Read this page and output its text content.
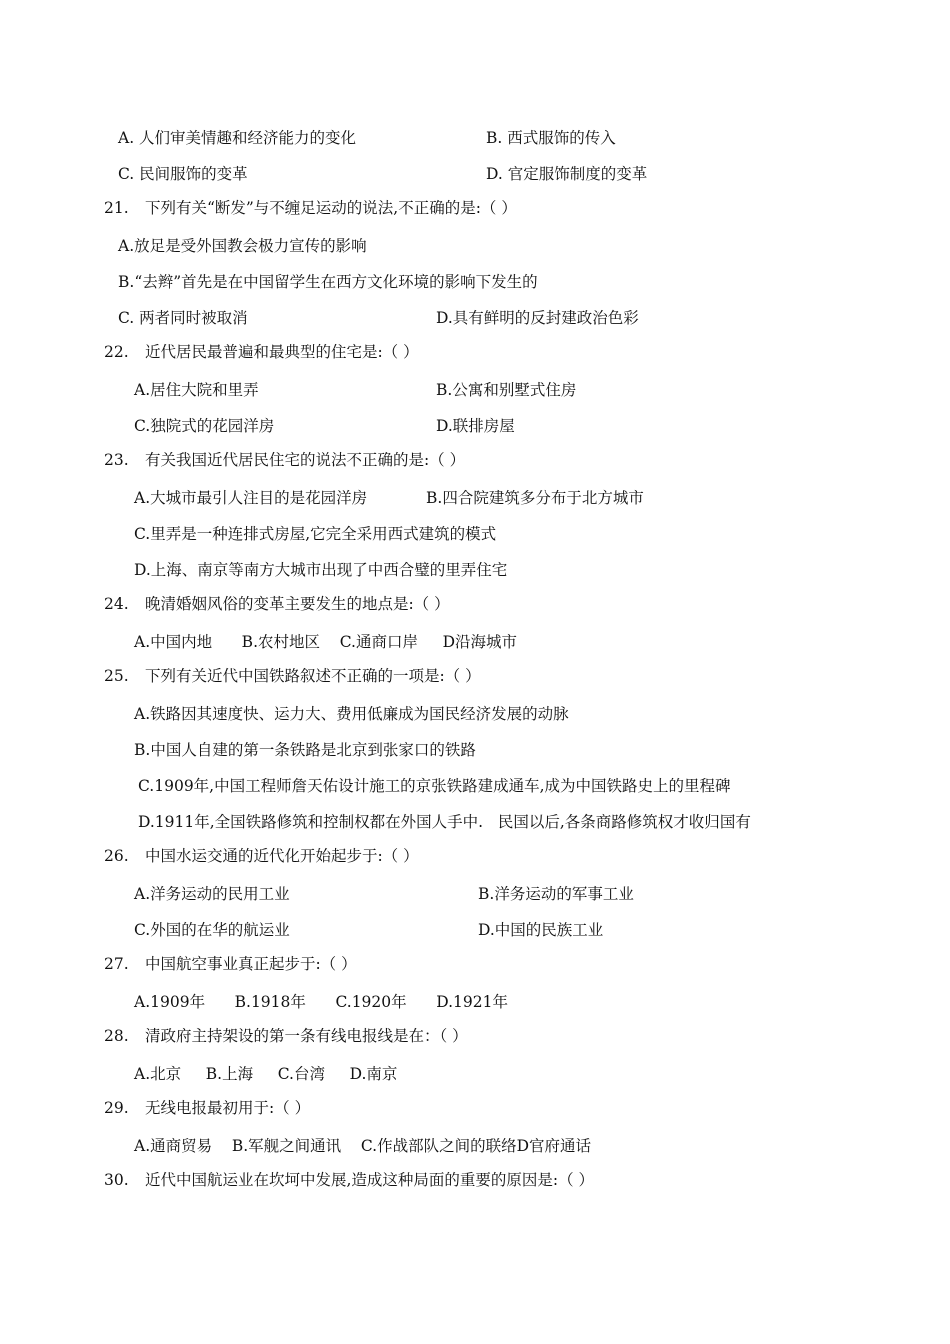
A. 人们审美情趣和经济能力的变化	B. 西式服饰的传入
C. 民间服饰的变革	D. 官定服饰制度的变革
21. 下列有关“断发”与不缠足运动的说法,不正确的是:（ ）
A.放足是受外国教会极力宣传的影响
B.“去辫”首先是在中国留学生在西方文化环境的影响下发生的
C. 两者同时被取消	D.具有鲜明的反封建政治色彩
22. 近代居民最普遍和最典型的住宅是:（ ）
A.居住大院和里弄	B.公寓和别墅式住房
C.独院式的花园洋房	D.联排房屋
23. 有关我国近代居民住宅的说法不正确的是:（ ）
A.大城市最引人注目的是花园洋房	B.四合院建筑多分布于北方城市
C.里弄是一种连排式房屋,它完全采用西式建筑的模式
D.上海、南京等南方大城市出现了中西合璧的里弄住宅
24. 晚清婚姻风俗的变革主要发生的地点是:（ ）
A.中国内地      B.农村地区    C.通商口岸     D沿海城市
25. 下列有关近代中国铁路叙述不正确的一项是:（ ）
A.铁路因其速度快、运力大、费用低廉成为国民经济发展的动脉
B.中国人自建的第一条铁路是北京到张家口的铁路
C.1909年,中国工程师詹天佑设计施工的京张铁路建成通车,成为中国铁路史上的里程碑
D.1911年,全国铁路修筑和控制权都在外国人手中.   民国以后,各条商路修筑权才收归国有
26. 中国水运交通的近代化开始起步于:（ ）
A.洋务运动的民用工业	B.洋务运动的军事工业
C.外国的在华的航运业	D.中国的民族工业
27. 中国航空事业真正起步于:（ ）
A.1909年      B.1918年      C.1920年      D.1921年
28. 清政府主持架设的第一条有线电报线是在：（ ）
A.北京     B.上海     C.台湾     D.南京
29. 无线电报最初用于:（ ）
A.通商贸易    B.军舰之间通讯    C.作战部队之间的联络D官府通话
30. 近代中国航运业在坎坷中发展,造成这种局面的重要的原因是:（ ）
